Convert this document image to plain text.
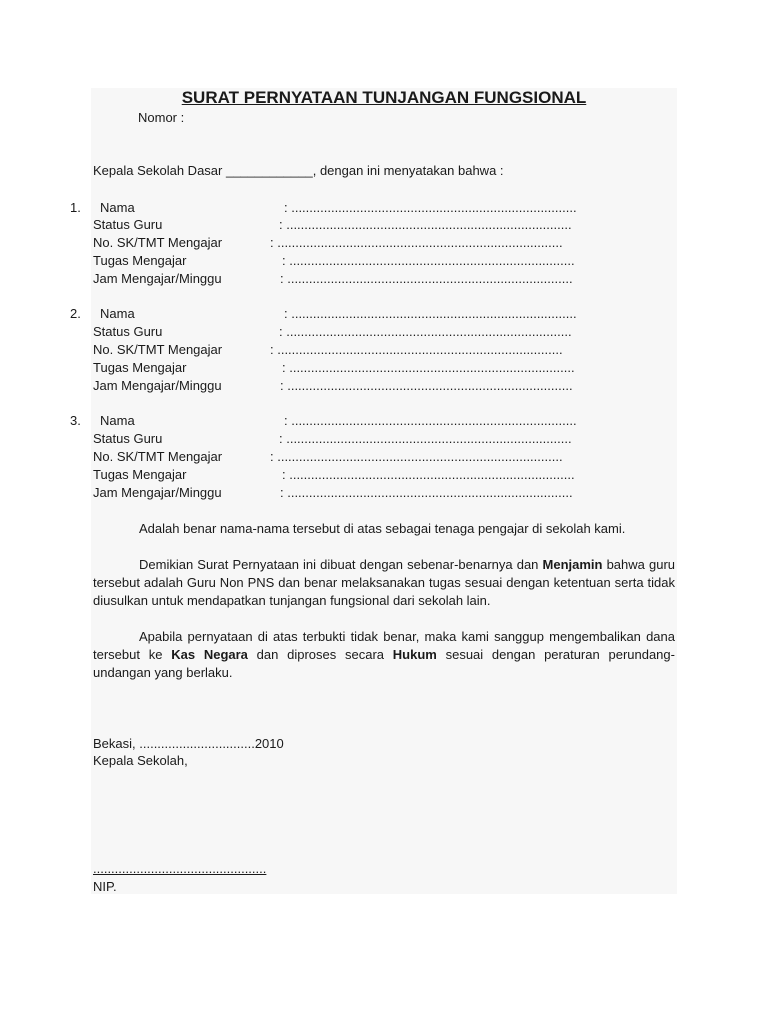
SURAT PERNYATAAN TUNJANGAN FUNGSIONAL
Nomor :
Kepala Sekolah Dasar ____________, dengan ini menyatakan bahwa :
1. Nama	: ...............................................................................
Status Guru	: ...............................................................................
No. SK/TMT Mengajar	: ...............................................................................
Tugas Mengajar	: ...............................................................................
Jam Mengajar/Minggu	: ...............................................................................
2. Nama	: ...............................................................................
Status Guru	: ...............................................................................
No. SK/TMT Mengajar	: ...............................................................................
Tugas Mengajar	: ...............................................................................
Jam Mengajar/Minggu	: ...............................................................................
3. Nama	: ...............................................................................
Status Guru	: ...............................................................................
No. SK/TMT Mengajar	: ...............................................................................
Tugas Mengajar	: ...............................................................................
Jam Mengajar/Minggu	: ...............................................................................
Adalah benar nama-nama tersebut di atas sebagai tenaga pengajar di sekolah kami.
Demikian Surat Pernyataan ini dibuat dengan sebenar-benarnya dan Menjamin bahwa guru tersebut adalah Guru Non PNS dan benar melaksanakan tugas sesuai dengan ketentuan serta tidak diusulkan untuk mendapatkan tunjangan fungsional dari sekolah lain.
Apabila pernyataan di atas terbukti tidak benar, maka kami sanggup mengembalikan dana tersebut ke Kas Negara dan diproses secara Hukum sesuai dengan peraturan perundang-undangan yang berlaku.
Bekasi, ................................2010
Kepala Sekolah,
................................................
NIP.
